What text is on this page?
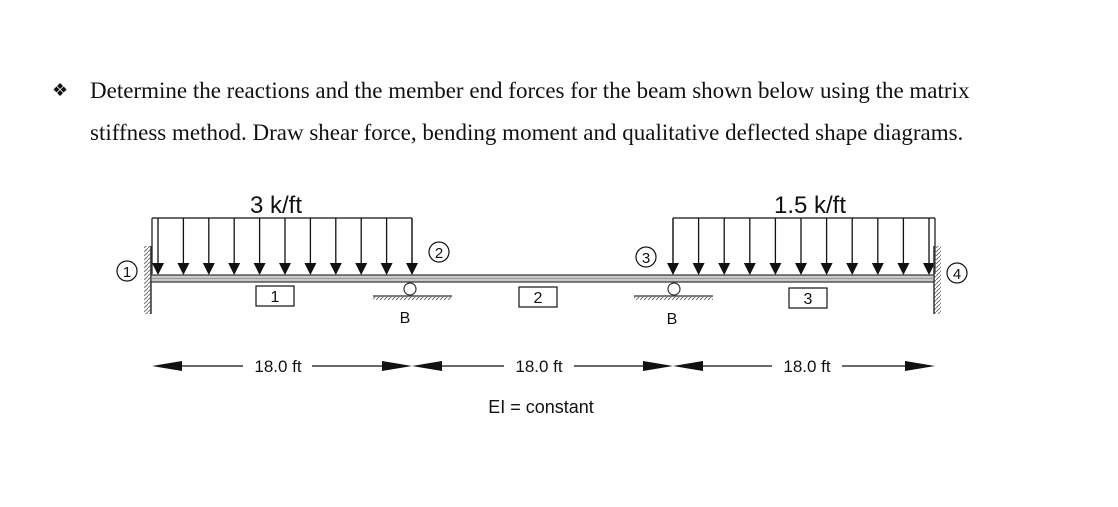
❖ Determine the reactions and the member end forces for the beam shown below using the matrix
stiffness method. Draw shear force, bending moment and qualitative deflected shape diagrams.
3 k/ft	1.5 k/ft
B	B
1
2	3
4
1	2	3
18.0 ft	18.0 ft	18.0 ft
EI = constant
